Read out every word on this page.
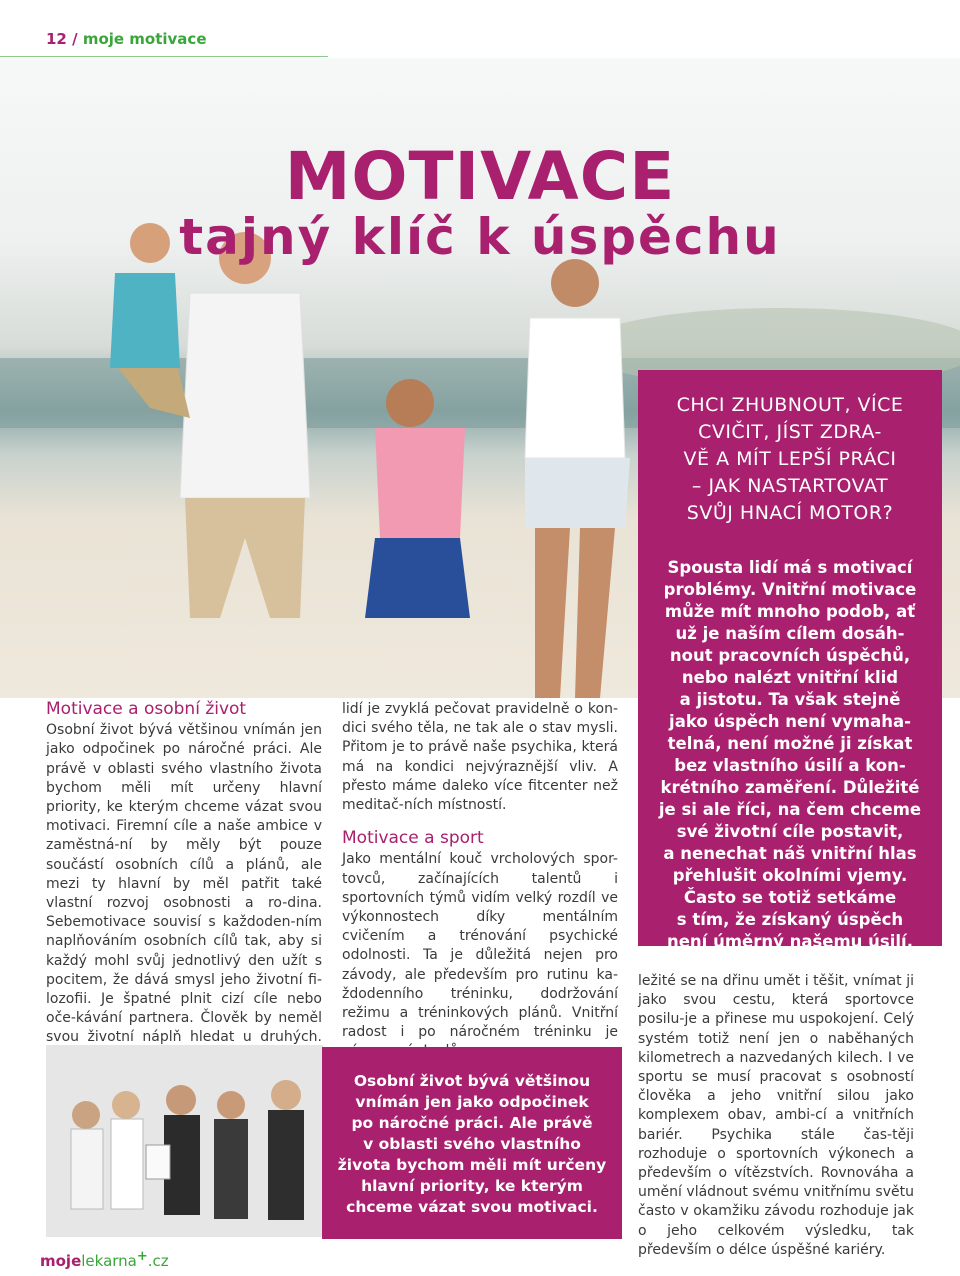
12 / moje motivace
MOTIVACE
tajný klíč k úspěchu
CHCI ZHUBNOUT, VÍCE
CVIČIT, JÍST ZDRA-
VĚ A MÍT LEPŠÍ PRÁCI
– JAK NASTARTOVAT
SVŮJ HNACÍ MOTOR?
Spousta lidí má s motivací
problémy. Vnitřní motivace
může mít mnoho podob, ať
už je naším cílem dosáh-
nout pracovních úspěchů,
nebo nalézt vnitřní klid
a jistotu. Ta však stejně
jako úspěch není vymaha-
telná, není možné ji získat
bez vlastního úsilí a kon-
krétního zaměření. Důležité
je si ale říci, na čem chceme
své životní cíle postavit,
a nenechat náš vnitřní hlas
přehlušit okolními vjemy.
Často se totiž setkáme
s tím, že získaný úspěch
není úměrný našemu úsilí.
Motivace a osobní život
Osobní život bývá většinou vnímán jen jako odpočinek po náročné práci. Ale právě v oblasti svého vlastního života bychom měli mít určeny hlavní priority, ke kterým chceme vázat svou motivaci. Firemní cíle a naše ambice v zaměstná-ní by měly být pouze součástí osobních cílů a plánů, ale mezi ty hlavní by měl patřit také vlastní rozvoj osobnosti a ro-dina. Sebemotivace souvisí s každoden-ním naplňováním osobních cílů tak, aby si každý mohl svůj jednotlivý den užít s pocitem, že dává smysl jeho životní fi-lozofii. Je špatné plnit cizí cíle nebo oče-kávání partnera. Člověk by neměl svou životní náplň hledat u druhých.
lidí je zvyklá pečovat pravidelně o kon-dici svého těla, ne tak ale o stav mysli. Přitom je to právě naše psychika, která má na kondici nejvýraznější vliv. A přesto máme daleko více fitcenter než meditač-ních místností.
Motivace a sport
Jako mentální kouč vrcholových spor-tovců, začínajících talentů i sportovních týmů vidím velký rozdíl ve výkonnostech díky mentálním cvičením a trénování psychické odolnosti. Ta je důležitá nejen pro závody, ale především pro rutinu ka-ždodenního tréninku, dodržování režimu a tréninkových plánů. Vnitřní radost i po náročném tréninku je
ležité se na dřinu umět i těšit, vnímat ji jako svou cestu, která sportovce posilu-je a přinese mu uspokojení. Celý systém totiž není jen o naběhaných kilometrech a nazvedaných kilech. I ve sportu se musí pracovat s osobností člověka a jeho vnitřní silou jako komplexem obav, ambi-cí a vnitřních bariér. Psychika stále čas-těji rozhoduje o sportovních výkonech a především o vítězstvích. Rovnováha a umění vládnout svému vnitřnímu světu často v okamžiku závodu rozhoduje jak o jeho celkovém výsledku, tak především o délce úspěšné kariéry.
Osobní život bývá většinou
vnímán jen jako odpočinek
po náročné práci. Ale právě
v oblasti svého vlastního
života bychom měli mít určeny
hlavní priority, ke kterým
chceme vázat svou motivaci.
mojelekarna+.cz
